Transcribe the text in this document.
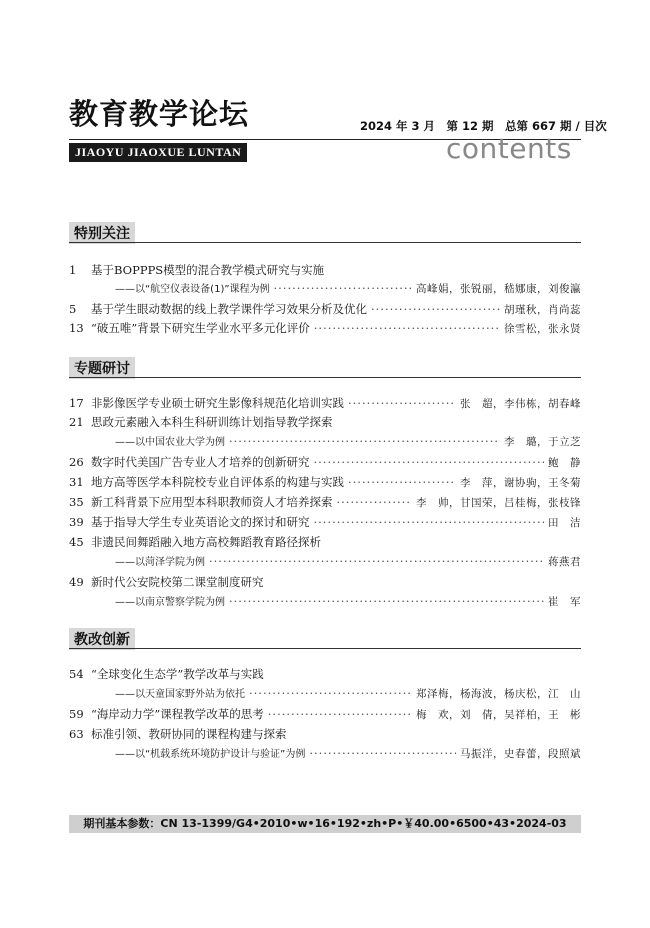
教育教学论坛	2024 年 3 月　第 12 期　总第 667 期 / 目次
JIAOYU JIAOXUE LUNTAN	contents
特别关注
1	基于BOPPPS模型的混合教学模式研究与实施
——以“航空仪表设备(1)”课程为例 ·····	高峰娟，张锐丽，嵇娜康，刘俊瀛
5	基于学生眼动数据的线上教学课件学习效果分析及优化 ·····	胡瑾秋，肖尚蕊
13 “破五唯”背景下研究生学业水平多元化评价 ·····	徐雪松，张永贤
专题研讨
17 非影像医学专业硕士研究生影像科规范化培训实践 ·····	张　超，李伟栋，胡春峰
21 思政元素融入本科生科研训练计划指导教学探索
——以中国农业大学为例 ·····	李　璐，于立芝
26 数字时代美国广告专业人才培养的创新研究 ·····	鲍　静
31 地方高等医学本科院校专业自评体系的构建与实践 ·····	李　萍，谢协驹，王冬菊
35 新工科背景下应用型本科职教师资人才培养探索 ·····	李　帅，甘国荣，吕桂梅，张枝锋
39 基于指导大学生专业英语论文的探讨和研究 ·····	田　洁
45 非遗民间舞蹈融入地方高校舞蹈教育路径探析
——以菏泽学院为例 ·····	蒋燕君
49 新时代公安院校第二课堂制度研究
——以南京警察学院为例 ·····	崔　军
教改创新
54 “全球变化生态学”教学改革与实践
——以天童国家野外站为依托 ·····	郑泽梅，杨海波，杨庆松，江　山
59 “海岸动力学”课程教学改革的思考 ·····	梅　欢，刘　倩，吴祥柏，王　彬
63 标准引领、教研协同的课程构建与探索
——以“机载系统环境防护设计与验证”为例 ·····	马振洋，史春蕾，段照斌
期刊基本参数：CN 13-1399/G4•2010•w•16•192•zh•P•￥40.00•6500•43•2024-03
